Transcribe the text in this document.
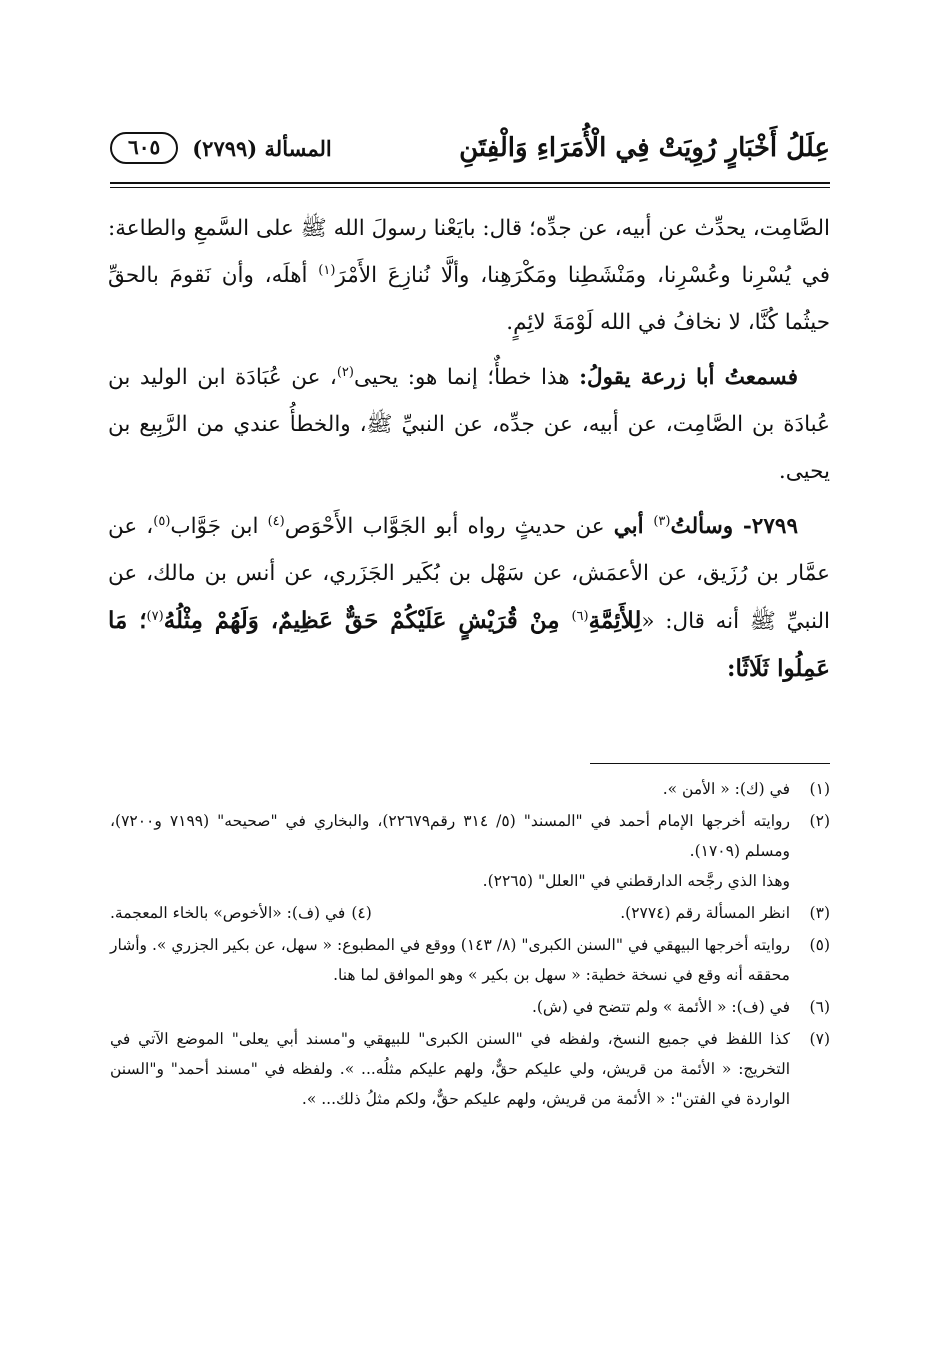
عِلَلُ أَخْبَارٍ رُوِيَتْ فِي الْأُمَرَاءِ وَالْفِتَنِ
المسألة (٢٧٩٩)
٦٠٥

الصَّامِت، يحدِّث عن أبيه، عن جدِّه؛ قال: بايَعْنا رسولَ الله ﷺ على السَّمعِ والطاعة: في يُسْرِنا وعُسْرِنا، ومَنْشَطِنا ومَكْرَهِنا، وألَّا نُنازِعَ الأَمْرَ$^{(١)}$ أهلَه، وأن نَقومَ بالحقِّ حيثُما كُنَّا، لا نخافُ في الله لَوْمَةَ لائِمٍ.

فسمعتُ أبا زرعة يقولُ: هذا خطأٌ؛ إنما هو: يحيى$^{(٢)}$، عن عُبَادَة ابن الوليد بن عُبادَة بن الصَّامِت، عن أبيه، عن جدِّه، عن النبيِّ ﷺ، والخطأُ عندي من الرَّبِيع بن يحيى.

٢٧٩٩- وسألتُ$^{(٣)}$ أبي عن حديثٍ رواه أبو الجَوَّاب الأَحْوَص$^{(٤)}$ ابن جَوَّاب$^{(٥)}$، عن عمَّار بن رُزَيق، عن الأعمَش، عن سَهْل بن بُكَير الجَزَري، عن أنس بن مالك، عن النبيِّ ﷺ أنه قال: «لِلأَئِمَّةِ$^{(٦)}$ مِنْ قُرَيْشٍ عَلَيْكُمْ حَقٌّ عَظِيمٌ، وَلَهُمْ مِثْلُهُ$^{(٧)}$؛ مَا عَمِلُوا ثَلَاثًا:

(١)
في (ك): « الأمن ».
(٢)
روايته أخرجها الإمام أحمد في "المسند" (٥/ ٣١٤ رقم٢٢٦٧٩)، والبخاري في "صحيحه" (٧١٩٩ و٧٢٠٠)، ومسلم (١٧٠٩).
وهذا الذي رجَّحه الدارقطني في "العلل" (٢٢٦٥).
(٣)
انظر المسألة رقم (٢٧٧٤).
(٤)في (ف): «الأخوص» بالخاء المعجمة.
(٥)
روايته أخرجها البيهقي في "السنن الكبرى" (٨/ ١٤٣) ووقع في المطبوع: « سهل، عن بكير الجزري ». وأشار محققه أنه وقع في نسخة خطية: « سهل بن بكير » وهو الموافق لما هنا.
(٦)
في (ف): « الأئمة » ولم تتضح في (ش).
(٧)
كذا اللفظ في جميع النسخ، ولفظه في "السنن الكبرى" للبيهقي و"مسند أبي يعلى" الموضع الآتي في التخريج: « الأئمة من قريش، ولي عليكم حقٌّ، ولهم عليكم مثلُه... ». ولفظه في "مسند أحمد" و"السنن الواردة في الفتن": « الأئمة من قريش، ولهم عليكم حقٌّ، ولكم مثلُ ذلك... ».
